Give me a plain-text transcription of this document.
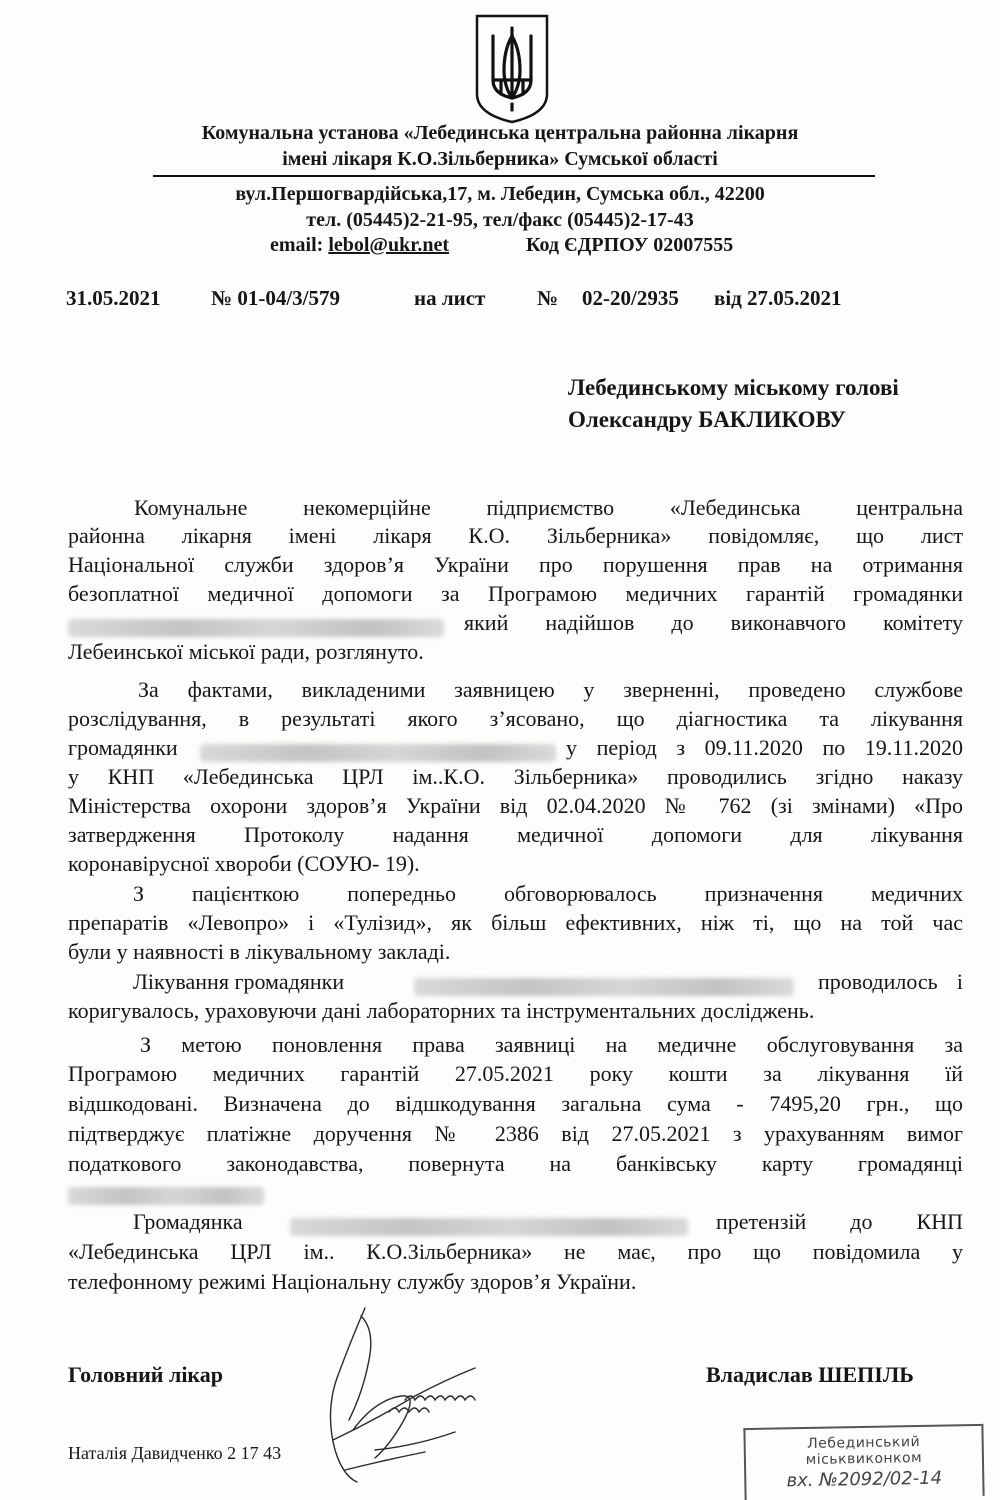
Комунальна установа «Лебединська центральна районна лікарня
імені лікаря К.О.Зільберника» Сумської області
вул.Першогвардійська,17, м. Лебедин, Сумська обл., 42200
тел. (05445)2-21-95, тел/факс (05445)2-17-43
email: lebol@ukr.net	Код ЄДРПОУ 02007555
31.05.2021 № 01-04/3/579	на лист № 02-20/2935 від 27.05.2021
Лебединському міському голові
Олександру БАКЛИКОВУ
Комунальне некомерційне підприємство «Лебединська центральна
районна лікарня імені лікаря К.О. Зільберника» повідомляє, що лист
Національної служби здоров’я України про порушення прав на отримання
безоплатної медичної допомоги за Програмою медичних гарантій громадянки
який надійшов до виконавчого комітету
Лебеинської міської ради, розглянуто.
За фактами, викладеними заявницею у зверненні, проведено службове
розслідування, в результаті якого з’ясовано, що діагностика та лікування
громадянки	у період з 09.11.2020 по 19.11.2020
у КНП «Лебединська ЦРЛ ім..К.О. Зільберника» проводились згідно наказу
Міністерства охорони здоров’я України від 02.04.2020 № 762 (зі змінами) «Про
затвердження Протоколу надання медичної допомоги для лікування
коронавірусної хвороби (СОУЮ- 19).
З пацієнткою попередньо обговорювалось призначення медичних
препаратів «Левопро» і «Тулізид», як більш ефективних, ніж ті, що на той час
були у наявності в лікувальному закладі.
Лікування громадянки	проводилось і
коригувалось, ураховуючи дані лабораторних та інструментальних досліджень.
З метою поновлення права заявниці на медичне обслуговування за
Програмою медичних гарантій 27.05.2021 року кошти за лікування їй
відшкодовані. Визначена до відшкодування загальна сума - 7495,20 грн., що
підтверджує платіжне доручення № 2386 від 27.05.2021 з урахуванням вимог
податкового законодавства, повернута на банківську карту громадянці
Громадянка	претензій до КНП
«Лебединська ЦРЛ ім.. К.О.Зільберника» не має, про що повідомила у
телефонному режимі Національну службу здоров’я України.
Головний лікар	Владислав ШЕПІЛЬ
Наталія Давидченко 2 17 43	Лебединський
міськвиконком
вх. №2092/02-14
